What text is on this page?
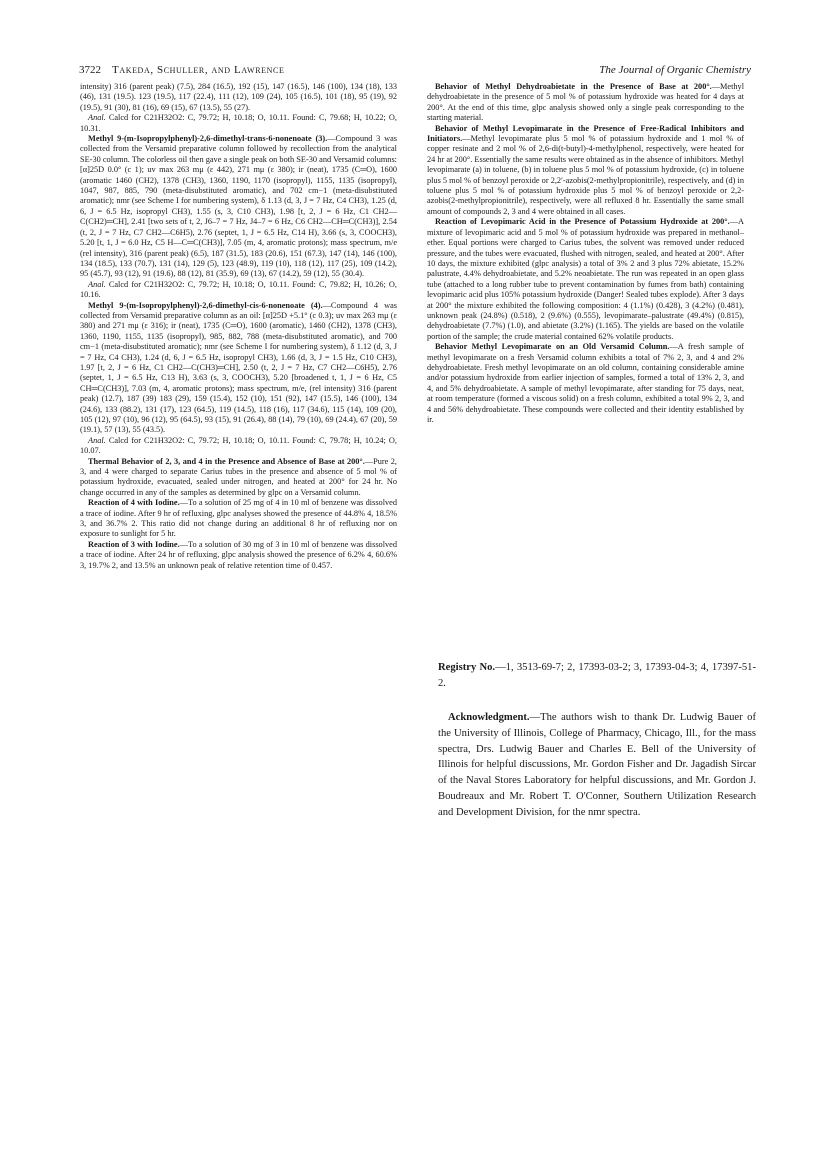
3722 Takeda, Schuller, and Lawrence	The Journal of Organic Chemistry

intensity) 316 (parent peak) (7.5), 284 (16.5), 192 (15), 147 (16.5), 146 (100), 134 (18), 133 (46), 131 (19.5). 123 (19.5), 117 (22.4), 111 (12), 109 (24), 105 (16.5), 101 (18), 95 (19), 92 (19.5), 91 (30), 81 (16), 69 (15), 67 (13.5), 55 (27).

Anal. Calcd for C21H32O2: C, 79.72; H, 10.18; O, 10.11. Found: C, 79.68; H, 10.22; O, 10.31.

Methyl 9-(m-Isopropylphenyl)-2,6-dimethyl-trans-6-nonenoate (3).—Compound 3 was collected from the Versamid preparative column followed by recollection from the analytical SE-30 column. The colorless oil then gave a single peak on both SE-30 and Versamid columns: [α]25D 0.0° (c 1); uv max 263 mμ (ε 442), 271 mμ (ε 380); ir (neat), 1735 (C═O), 1600 (aromatic 1460 (CH2), 1378 (CH3), 1360, 1190, 1170 (isopropyl), 1155, 1135 (isopropyl), 1047, 987, 885, 790 (meta-disubstituted aromatic), and 702 cm−1 (meta-disubstituted aromatic); nmr (see Scheme I for numbering system), δ 1.13 (d, 3, J = 7 Hz, C4 CH3), 1.25 (d, 6, J = 6.5 Hz, isopropyl CH3), 1.55 (s, 3, C10 CH3), 1.98 [t, 2, J = 6 Hz, C1 CH2—C(CH2)═CH], 2.41 [two sets of t, 2, J6–7 = 7 Hz, J4–7 = 6 Hz, C6 CH2—CH═C(CH3)], 2.54 (t, 2, J = 7 Hz, C7 CH2—C6H5), 2.76 (septet, 1, J = 6.5 Hz, C14 H), 3.66 (s, 3, COOCH3), 5.20 [t, 1, J = 6.0 Hz, C5 H—C═C(CH3)], 7.05 (m, 4, aromatic protons); mass spectrum, m/e (rel intensity), 316 (parent peak) (6.5), 187 (31.5), 183 (20.6), 151 (67.3), 147 (14), 146 (100), 134 (18.5), 133 (70.7), 131 (14), 129 (5), 123 (48.9), 119 (10), 118 (12), 117 (25), 109 (14.2), 95 (45.7), 93 (12), 91 (19.6), 88 (12), 81 (35.9), 69 (13), 67 (14.2), 59 (12), 55 (30.4).

Anal. Calcd for C21H32O2: C, 79.72; H, 10.18; O, 10.11. Found: C, 79.82; H, 10.26; O, 10.16.

Methyl 9-(m-Isopropylphenyl)-2,6-dimethyl-cis-6-nonenoate (4).—Compound 4 was collected from Versamid preparative column as an oil: [α]25D +5.1° (c 0.3); uv max 263 mμ (ε 380) and 271 mμ (ε 316); ir (neat), 1735 (C═O), 1600 (aromatic), 1460 (CH2), 1378 (CH3), 1360, 1190, 1155, 1135 (isopropyl), 985, 882, 788 (meta-disubstituted aromatic), and 700 cm−1 (meta-disubstituted aromatic); nmr (see Scheme I for numbering system), δ 1.12 (d, 3, J = 7 Hz, C4 CH3), 1.24 (d, 6, J = 6.5 Hz, isopropyl CH3), 1.66 (d, 3, J = 1.5 Hz, C10 CH3), 1.97 [t, 2, J = 6 Hz, C1 CH2—C(CH3)═CH], 2.50 (t, 2, J = 7 Hz, C7 CH2—C6H5), 2.76 (septet, 1, J = 6.5 Hz, C13 H), 3.63 (s, 3, COOCH3), 5.20 [broadened t, 1, J = 6 Hz, C5 CH═C(CH3)], 7.03 (m, 4, aromatic protons); mass spectrum, m/e, (rel intensity) 316 (parent peak) (12.7), 187 (39) 183 (29), 159 (15.4), 152 (10), 151 (92), 147 (15.5), 146 (100), 134 (24.6), 133 (88.2), 131 (17), 123 (64.5), 119 (14.5), 118 (16), 117 (34.6), 115 (14), 109 (20), 105 (12), 97 (10), 96 (12), 95 (64.5), 93 (15), 91 (26.4), 88 (14), 79 (10), 69 (24.4), 67 (20), 59 (19.1), 57 (13), 55 (43.5).

Anal. Calcd for C21H32O2: C, 79.72; H, 10.18; O, 10.11. Found: C, 79.78; H, 10.24; O, 10.07.

Thermal Behavior of 2, 3, and 4 in the Presence and Absence of Base at 200°.—Pure 2, 3, and 4 were charged to separate Carius tubes in the presence and absence of 5 mol % of potassium hydroxide, evacuated, sealed under nitrogen, and heated at 200° for 24 hr. No change occurred in any of the samples as determined by glpc on a Versamid column.

Reaction of 4 with Iodine.—To a solution of 25 mg of 4 in 10 ml of benzene was dissolved a trace of iodine. After 9 hr of refluxing, glpc analyses showed the presence of 44.8% 4, 18.5% 3, and 36.7% 2. This ratio did not change during an additional 8 hr of refluxing nor on exposure to sunlight for 5 hr.

Reaction of 3 with Iodine.—To a solution of 30 mg of 3 in 10 ml of benzene was dissolved a trace of iodine. After 24 hr of refluxing, glpc analysis showed the presence of 6.2% 4, 60.6% 3, 19.7% 2, and 13.5% an unknown peak of relative retention time of 0.457.

Behavior of Methyl Dehydroabietate in the Presence of Base at 200°.—Methyl dehydroabietate in the presence of 5 mol % of potassium hydroxide was heated for 4 days at 200°. At the end of this time, glpc analysis showed only a single peak corresponding to the starting material.

Behavior of Methyl Levopimarate in the Presence of Free-Radical Inhibitors and Initiators.—Methyl levopimarate plus 5 mol % of potassium hydroxide and 1 mol % of copper resinate and 2 mol % of 2,6-di(t-butyl)-4-methylphenol, respectively, were heated for 24 hr at 200°. Essentially the same results were obtained as in the absence of inhibitors. Methyl levopimarate (a) in toluene, (b) in toluene plus 5 mol % of potassium hydroxide, (c) in toluene plus 5 mol % of benzoyl peroxide or 2,2′-azobis(2-methylpropionitrile), respectively, and (d) in toluene plus 5 mol % of potassium hydroxide plus 5 mol % of benzoyl peroxide or 2,2-azobis(2-methylpropionitrile), respectively, were all refluxed 8 hr. Essentially the same small amount of compounds 2, 3 and 4 were obtained in all cases.

Reaction of Levopimaric Acid in the Presence of Potassium Hydroxide at 200°.—A mixture of levopimaric acid and 5 mol % of potassium hydroxide was prepared in methanol–ether. Equal portions were charged to Carius tubes, the solvent was removed under reduced pressure, and the tubes were evacuated, flushed with nitrogen, sealed, and heated at 200°. After 10 days, the mixture exhibited (glpc analysis) a total of 3% 2 and 3 plus 72% abietate, 15.2% palustrate, 4.4% dehydroabietate, and 5.2% neoabietate. The run was repeated in an open glass tube (attached to a long rubber tube to prevent contamination by fumes from bath) containing levopimaric acid plus 105% potassium hydroxide (Danger! Sealed tubes explode). After 3 days at 200° the mixture exhibited the following composition: 4 (1.1%) (0.428), 3 (4.2%) (0.481), unknown peak (24.8%) (0.518), 2 (9.6%) (0.555), levopimarate–palustrate (49.4%) (0.815), dehydroabietate (7.7%) (1.0), and abietate (3.2%) (1.165). The yields are based on the volatile portion of the sample; the crude material contained 62% volatile products.

Behavior Methyl Levopimarate on an Old Versamid Column.—A fresh sample of methyl levopimarate on a fresh Versamid column exhibits a total of 7% 2, 3, and 4 and 2% dehydroabietate. Fresh methyl levopimarate on an old column, containing considerable amine and/or potassium hydroxide from earlier injection of samples, formed a total of 13% 2, 3, and 4, and 5% dehydroabietate. A sample of methyl levopimarate, after standing for 75 days, neat, at room temperature (formed a viscous solid) on a fresh column, exhibited a total 9% 2, 3, and 4 and 56% dehydroabietate. These compounds were collected and their identity established by ir.

Registry No.—1, 3513-69-7; 2, 17393-03-2; 3, 17393-04-3; 4, 17397-51-2.

Acknowledgment.—The authors wish to thank Dr. Ludwig Bauer of the University of Illinois, College of Pharmacy, Chicago, Ill., for the mass spectra, Drs. Ludwig Bauer and Charles E. Bell of the University of Illinois for helpful discussions, Mr. Gordon Fisher and Dr. Jagadish Sircar of the Naval Stores Laboratory for helpful discussions, and Mr. Gordon J. Boudreaux and Mr. Robert T. O'Conner, Southern Utilization Research and Development Division, for the nmr spectra.
